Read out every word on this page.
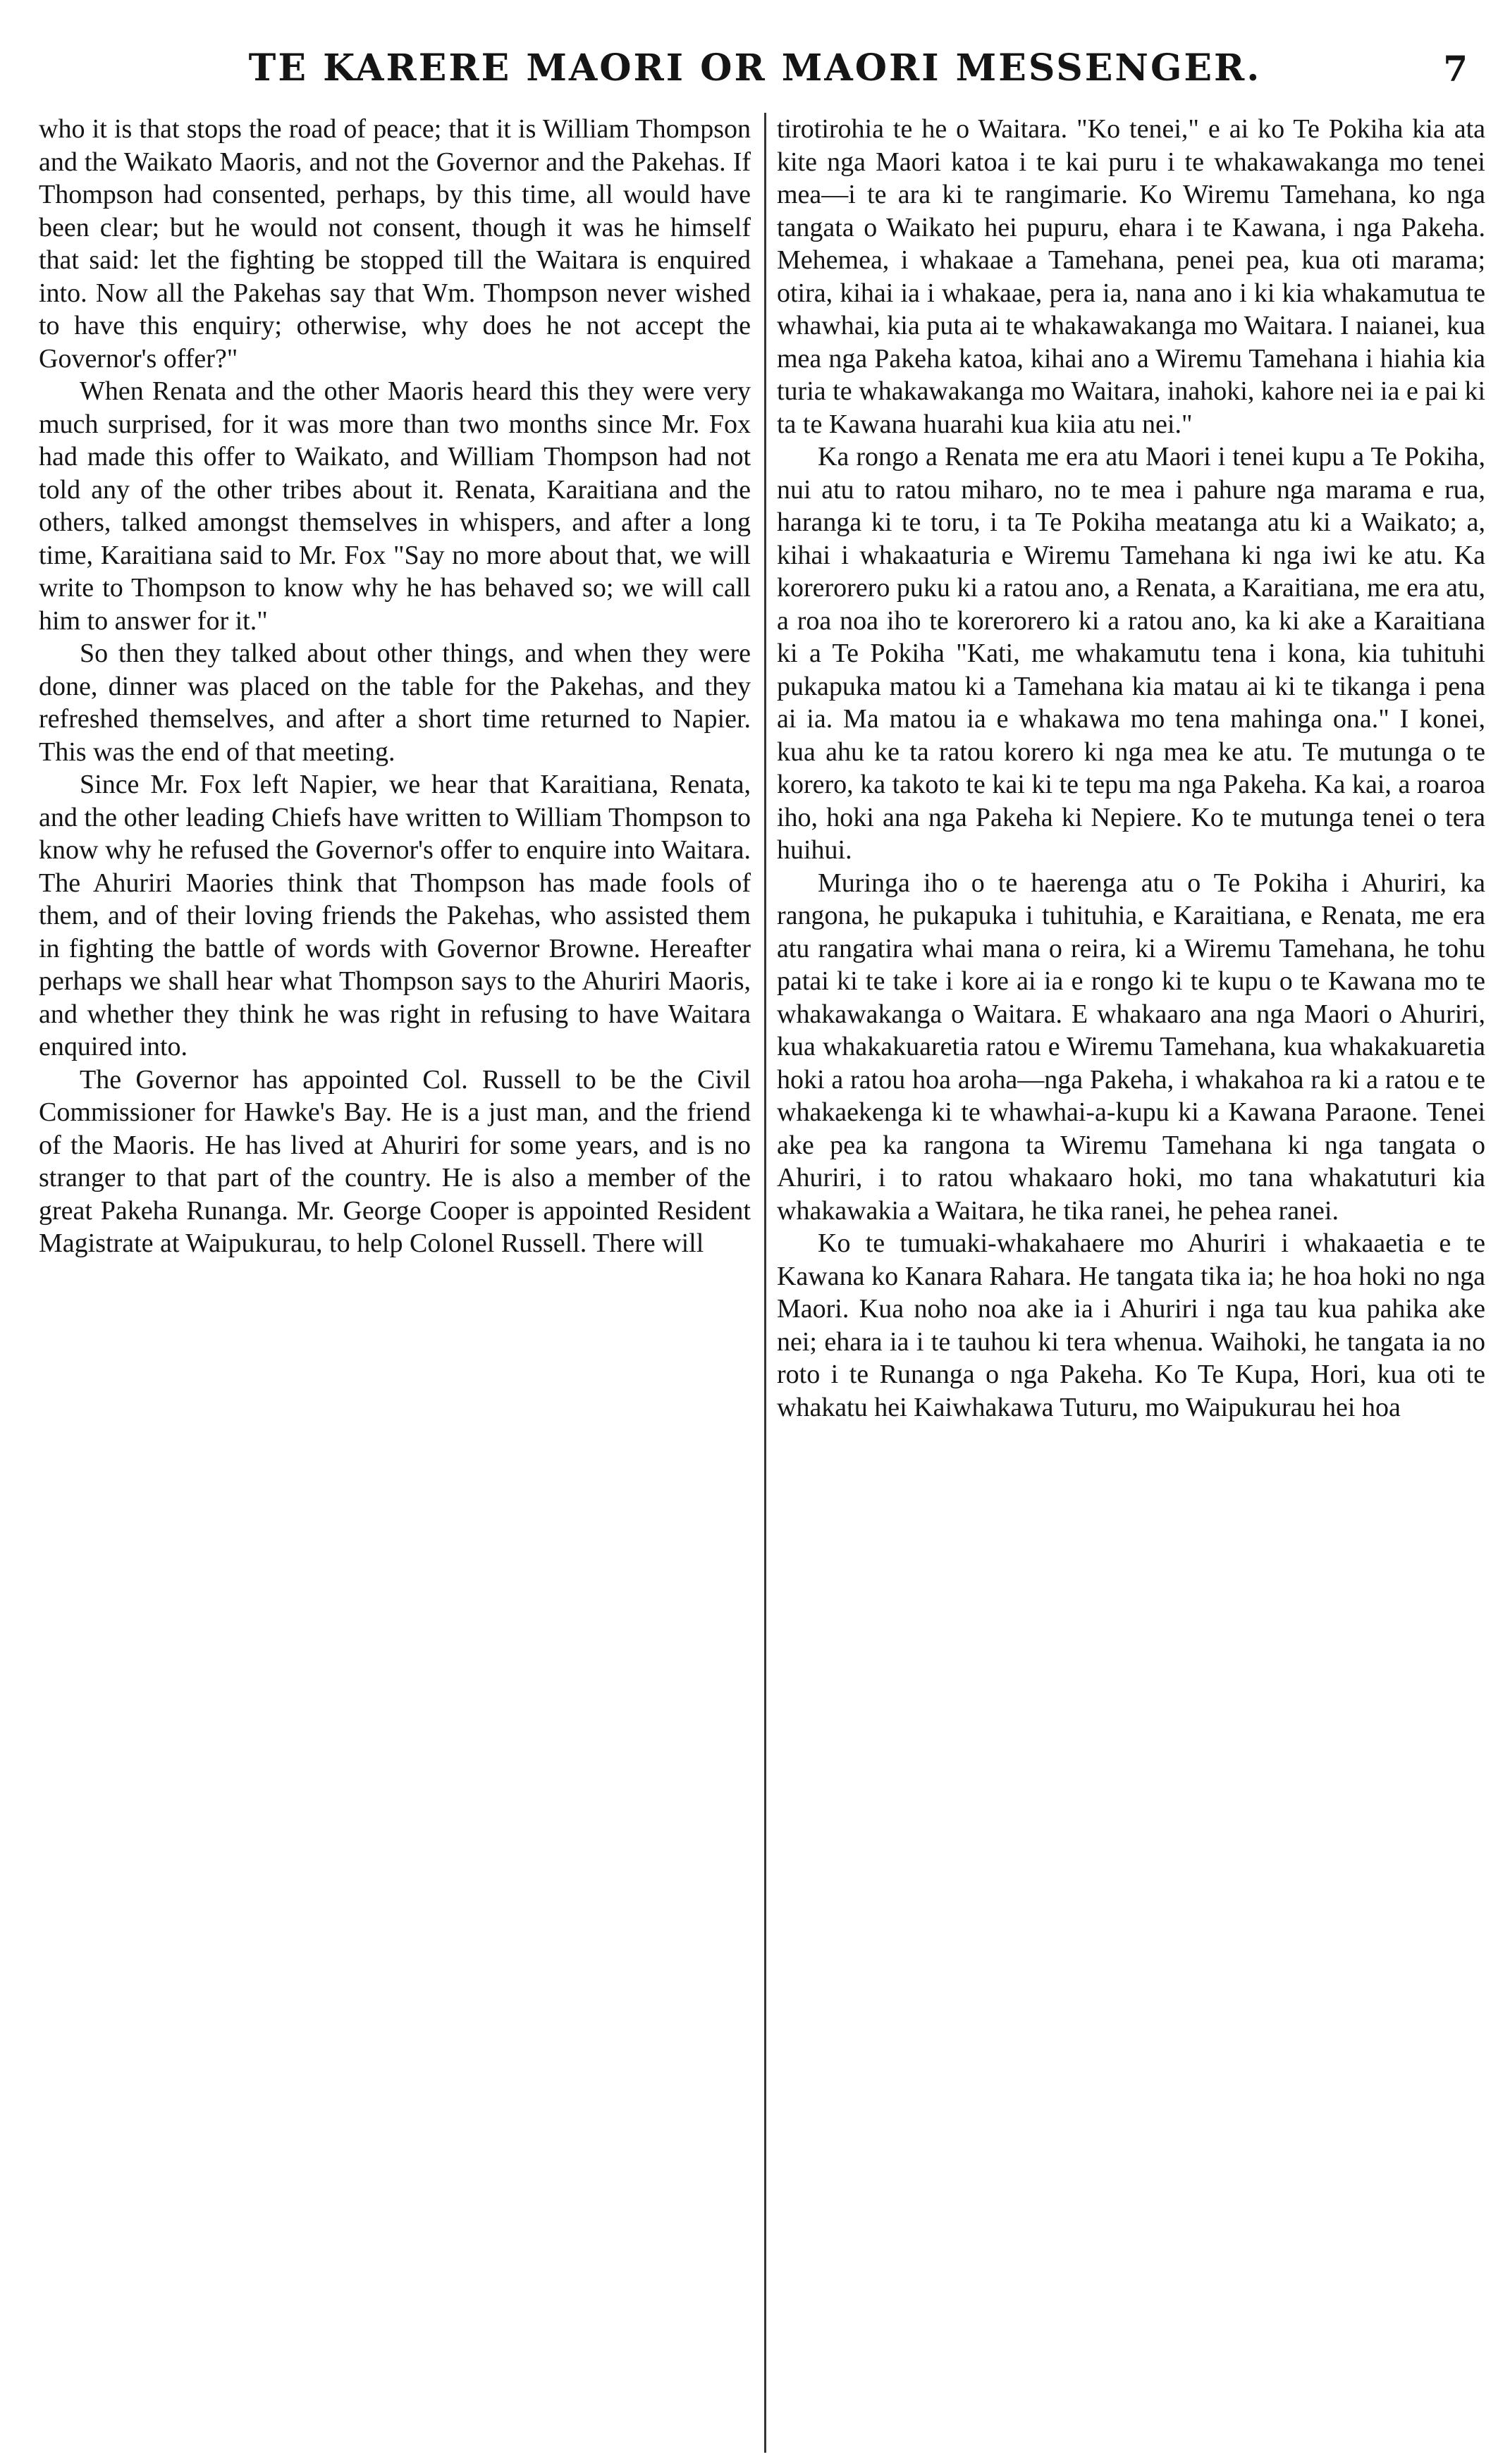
TE KARERE MAORI OR MAORI MESSENGER.	7

who it is that stops the road of peace; that it is William Thompson and the Waikato Maoris, and not the Governor and the Pakehas. If Thompson had consented, perhaps, by this time, all would have been clear; but he would not consent, though it was he himself that said: let the fighting be stopped till the Waitara is enquired into. Now all the Pakehas say that Wm. Thompson never wished to have this enquiry; otherwise, why does he not accept the Governor's offer?"

When Renata and the other Maoris heard this they were very much surprised, for it was more than two months since Mr. Fox had made this offer to Waikato, and William Thompson had not told any of the other tribes about it. Renata, Karaitiana and the others, talked amongst themselves in whispers, and after a long time, Karaitiana said to Mr. Fox "Say no more about that, we will write to Thompson to know why he has behaved so; we will call him to answer for it."

So then they talked about other things, and when they were done, dinner was placed on the table for the Pakehas, and they refreshed themselves, and after a short time returned to Napier. This was the end of that meeting.

Since Mr. Fox left Napier, we hear that Karaitiana, Renata, and the other leading Chiefs have written to William Thompson to know why he refused the Governor's offer to enquire into Waitara. The Ahuriri Maories think that Thompson has made fools of them, and of their loving friends the Pakehas, who assisted them in fighting the battle of words with Governor Browne. Hereafter perhaps we shall hear what Thompson says to the Ahuriri Maoris, and whether they think he was right in refusing to have Waitara enquired into.

The Governor has appointed Col. Russell to be the Civil Commissioner for Hawke's Bay. He is a just man, and the friend of the Maoris. He has lived at Ahuriri for some years, and is no stranger to that part of the country. He is also a member of the great Pakeha Runanga. Mr. George Cooper is appointed Resident Magistrate at Waipukurau, to help Colonel Russell. There will

tirotirohia te he o Waitara. "Ko tenei," e ai ko Te Pokiha kia ata kite nga Maori katoa i te kai puru i te whakawakanga mo tenei mea—i te ara ki te rangimarie. Ko Wiremu Tamehana, ko nga tangata o Waikato hei pupuru, ehara i te Kawana, i nga Pakeha. Mehemea, i whakaae a Tamehana, penei pea, kua oti marama; otira, kihai ia i whakaae, pera ia, nana ano i ki kia whakamutua te whawhai, kia puta ai te whakawakanga mo Waitara. I naianei, kua mea nga Pakeha katoa, kihai ano a Wiremu Tamehana i hiahia kia turia te whakawakanga mo Waitara, inahoki, kahore nei ia e pai ki ta te Kawana huarahi kua kiia atu nei."

Ka rongo a Renata me era atu Maori i tenei kupu a Te Pokiha, nui atu to ratou miharo, no te mea i pahure nga marama e rua, haranga ki te toru, i ta Te Pokiha meatanga atu ki a Waikato; a, kihai i whakaaturia e Wiremu Tamehana ki nga iwi ke atu. Ka korerorero puku ki a ratou ano, a Renata, a Karaitiana, me era atu, a roa noa iho te korerorero ki a ratou ano, ka ki ake a Karaitiana ki a Te Pokiha "Kati, me whakamutu tena i kona, kia tuhituhi pukapuka matou ki a Tamehana kia matau ai ki te tikanga i pena ai ia. Ma matou ia e whakawa mo tena mahinga ona." I konei, kua ahu ke ta ratou korero ki nga mea ke atu. Te mutunga o te korero, ka takoto te kai ki te tepu ma nga Pakeha. Ka kai, a roaroa iho, hoki ana nga Pakeha ki Nepiere. Ko te mutunga tenei o tera huihui.

Muringa iho o te haerenga atu o Te Pokiha i Ahuriri, ka rangona, he pukapuka i tuhituhia, e Karaitiana, e Renata, me era atu rangatira whai mana o reira, ki a Wiremu Tamehana, he tohu patai ki te take i kore ai ia e rongo ki te kupu o te Kawana mo te whakawakanga o Waitara. E whakaaro ana nga Maori o Ahuriri, kua whakakuaretia ratou e Wiremu Tamehana, kua whakakuaretia hoki a ratou hoa aroha—nga Pakeha, i whakahoa ra ki a ratou e te whakaekenga ki te whawhai-a-kupu ki a Kawana Paraone. Tenei ake pea ka rangona ta Wiremu Tamehana ki nga tangata o Ahuriri, i to ratou whakaaro hoki, mo tana whakatuturi kia whakawakia a Waitara, he tika ranei, he pehea ranei.

Ko te tumuaki-whakahaere mo Ahuriri i whakaaetia e te Kawana ko Kanara Rahara. He tangata tika ia; he hoa hoki no nga Maori. Kua noho noa ake ia i Ahuriri i nga tau kua pahika ake nei; ehara ia i te tauhou ki tera whenua. Waihoki, he tangata ia no roto i te Runanga o nga Pakeha. Ko Te Kupa, Hori, kua oti te whakatu hei Kaiwhakawa Tuturu, mo Waipukurau hei hoa
